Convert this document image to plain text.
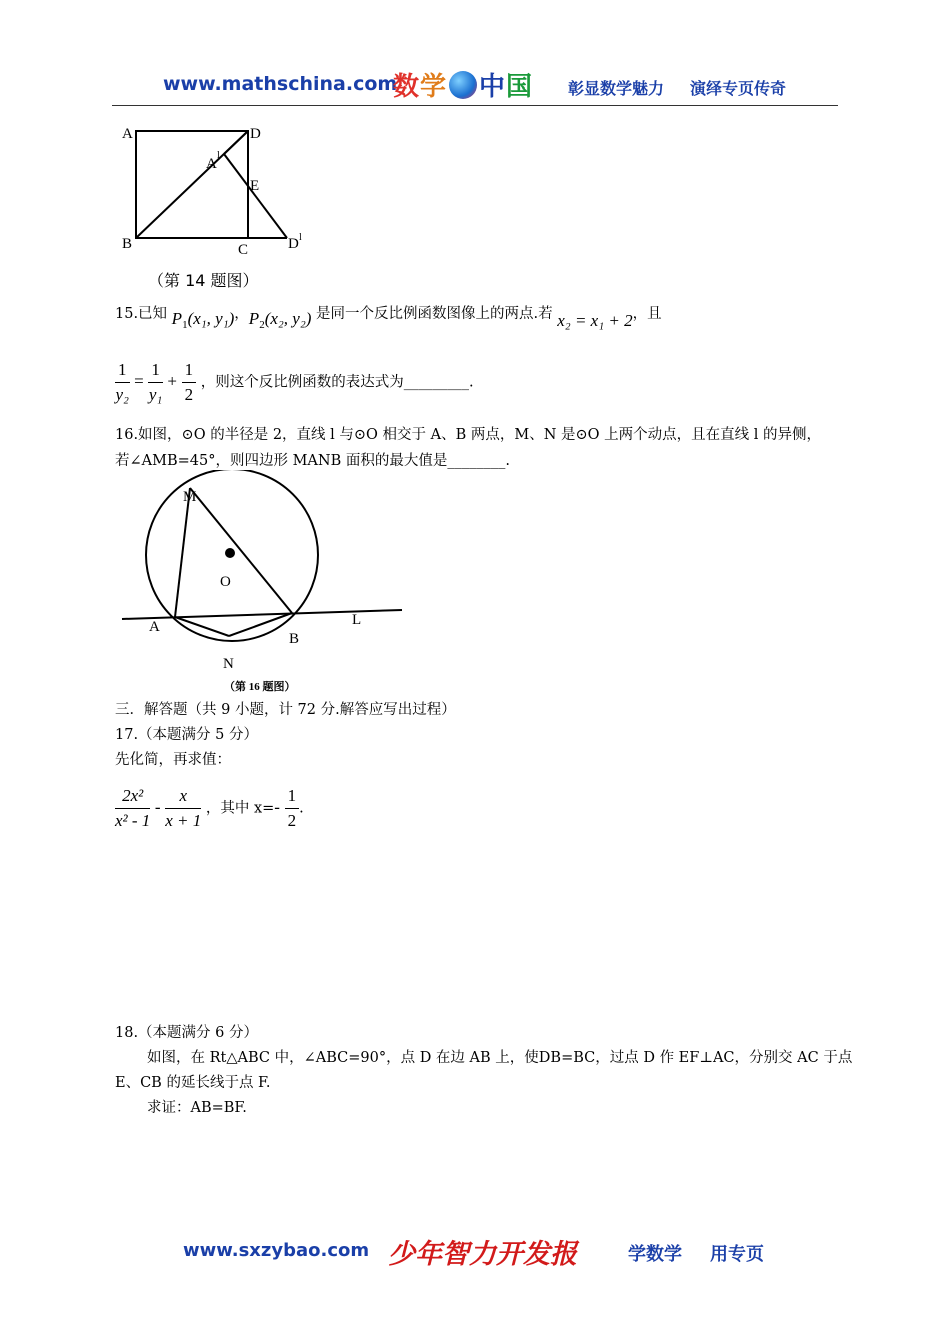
www.mathschina.com
数学 中国	彰显数学魅力 演绎专页传奇
A	D
A
l
E
B	C	D l
（第 14 题图）
15.已知 $P_1(x_1$, y₁)，$P_2(x_2$, y₂) 是同一个反比例函数图像上的两点.若 x₂ = x₁ + 2，且
$\frac{1}{\text{y₂}} = \frac{1}{\text{y₁}} + \frac{1}{2}$ ，则这个反比例函数的表达式为_________.
16.如图，⊙O 的半径是 2，直线 l 与⊙O 相交于 A、B 两点，M、N 是⊙O 上两个动点，且在直线 l 的异侧，
若∠AMB=45°，则四边形 MANB 面积的最大值是________.
M
O
A
B
L
N
（第 16 题图）
三．解答题（共 9 小题，计 72 分.解答应写出过程）
17.（本题满分 5 分）
先化简，再求值：
$\frac{\text{2x²}}{\text{x² - 1}} - \frac{x}{x + 1}$ ，其中 $x=- \frac{1}{2}$ .
18.（本题满分 6 分）
如图，在 Rt△ABC 中，∠ABC=90°，点 D 在边 AB 上，使DB=BC，过点 D 作 EF⊥AC，分别交 AC 于点
E、CB 的延长线于点 F.
求证：AB=BF.
www.sxzybao.com 少年智力开发报	学数学 用专页
